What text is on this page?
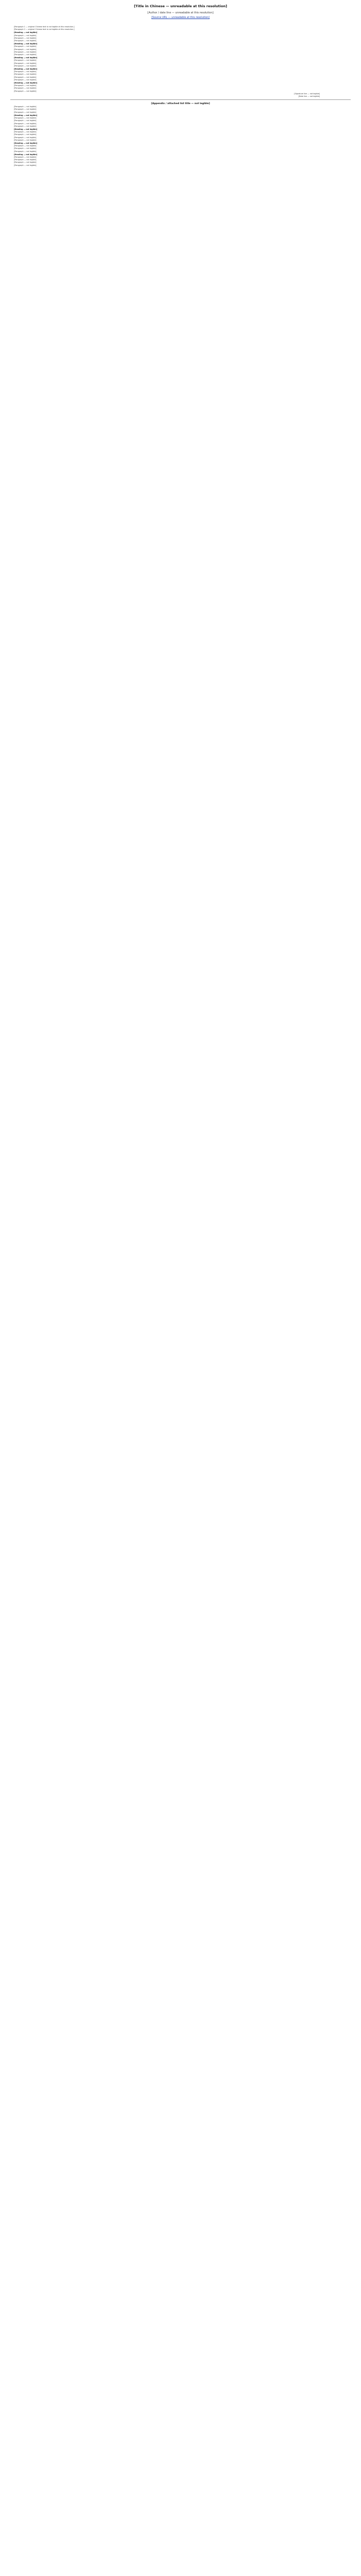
[Title in Chinese — unreadable at this resolution]
[Author / date line — unreadable at this resolution]
[Source URL — unreadable at this resolution]

[Paragraph 1 — original Chinese text is not legible at this resolution.]

[Paragraph 2 — original Chinese text is not legible at this resolution.]

[Heading — not legible]

[Paragraph — not legible]

[Paragraph — not legible]

[Paragraph — not legible]

[Heading — not legible]

[Paragraph — not legible]

[Paragraph — not legible]

[Paragraph — not legible]

[Paragraph — not legible]

[Heading — not legible]

[Paragraph — not legible]

[Paragraph — not legible]

[Paragraph — not legible]

[Heading — not legible]

[Paragraph — not legible]

[Paragraph — not legible]

[Paragraph — not legible]

[Paragraph — not legible]

[Heading — not legible]

[Paragraph — not legible]

[Paragraph — not legible]

[Paragraph — not legible]

[Signature line — not legible]

[Date line — not legible]

[Appendix / attached list title — not legible]

[Paragraph — not legible]

[Paragraph — not legible]

[Paragraph — not legible]

[Heading — not legible]

[Paragraph — not legible]

[Paragraph — not legible]

[Paragraph — not legible]

[Paragraph — not legible]

[Heading — not legible]

[Paragraph — not legible]

[Paragraph — not legible]

[Paragraph — not legible]

[Paragraph — not legible]

[Heading — not legible]

[Paragraph — not legible]

[Paragraph — not legible]

[Paragraph — not legible]

[Heading — not legible]

[Paragraph — not legible]

[Paragraph — not legible]

[Paragraph — not legible]

[Paragraph — not legible]
